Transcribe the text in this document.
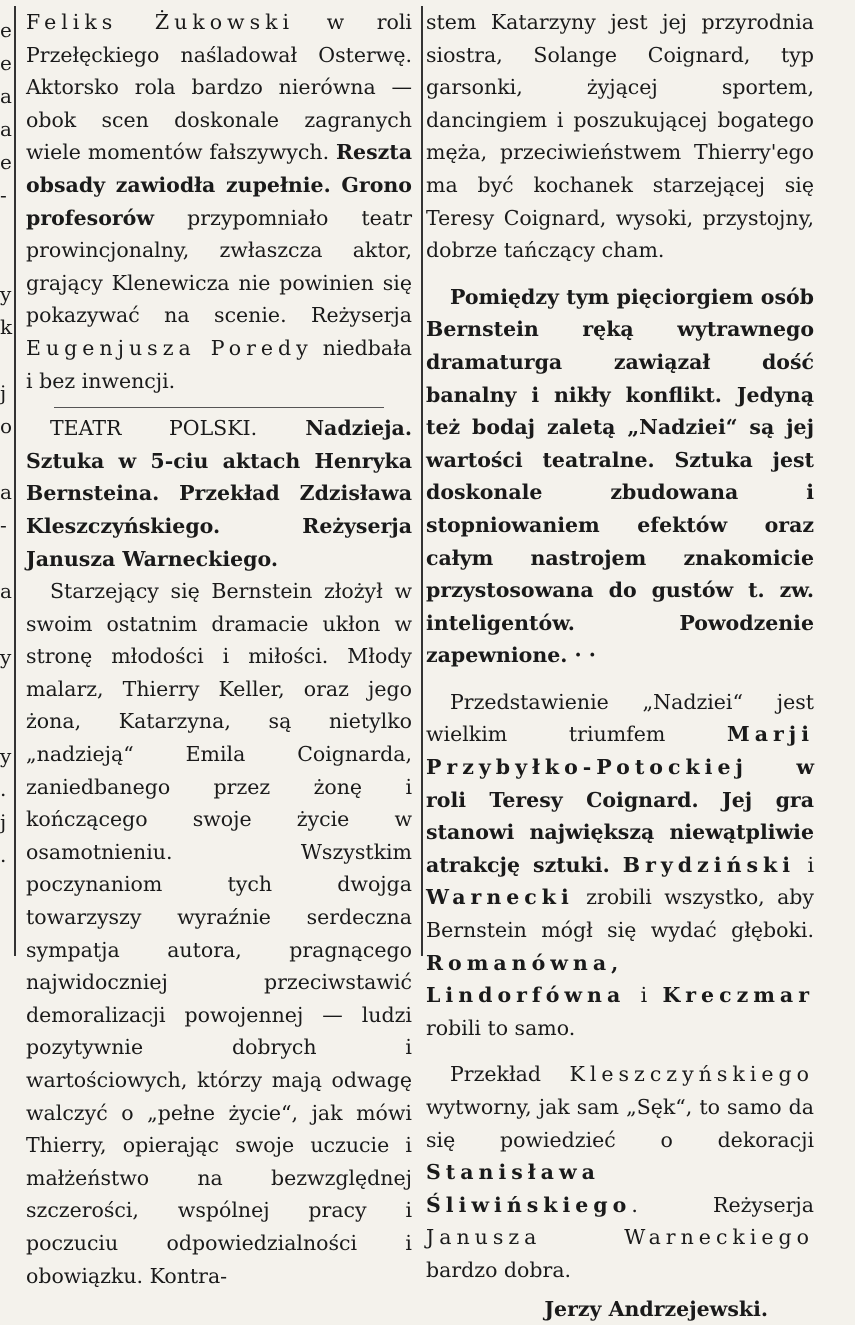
e
e
a
a
e
-

y
k

j
o

a
-

a

y

y
.
j
.

Feliks Żukowski w roli Przełęckiego naśladował Osterwę. Aktorsko rola bardzo nierówna — obok scen doskonale zagranych wiele momentów fałszywych. Reszta obsady zawiodła zupełnie. Grono profesorów przypomniało teatr prowincjonalny, zwłaszcza aktor, grający Klenewicza nie powinien się pokazywać na scenie. Reżyserja Eugenjusza Poredy niedbała i bez inwencji.

TEATR POLSKI. Nadzieja. Sztuka w 5-ciu aktach Henryka Bernsteina. Przekład Zdzisława Kleszczyńskiego. Reżyserja Janusza Warneckiego.

Starzejący się Bernstein złożył w swoim ostatnim dramacie ukłon w stronę młodości i miłości. Młody malarz, Thierry Keller, oraz jego żona, Katarzyna, są nietylko „nadzieją“ Emila Coignarda, zaniedbanego przez żonę i kończącego swoje życie w osamotnieniu. Wszystkim poczynaniom tych dwojga towarzyszy wyraźnie serdeczna sympatja autora, pragnącego najwidoczniej przeciwstawić demoralizacji powojennej — ludzi pozytywnie dobrych i wartościowych, którzy mają odwagę walczyć o „pełne życie“, jak mówi Thierry, opierając swoje uczucie i małżeństwo na bezwzględnej szczerości, wspólnej pracy i poczuciu odpowiedzialności i obowiązku. Kontra-

stem Katarzyny jest jej przyrodnia siostra, Solange Coignard, typ garsonki, żyjącej sportem, dancingiem i poszukującej bogatego męża, przeciwieństwem Thierry'ego ma być kochanek starzejącej się Teresy Coignard, wysoki, przystojny, dobrze tańczący cham.

Pomiędzy tym pięciorgiem osób Bernstein ręką wytrawnego dramaturga zawiązał dość banalny i nikły konflikt. Jedyną też bodaj zaletą „Nadziei“ są jej wartości teatralne. Sztuka jest doskonale zbudowana i stopniowaniem efektów oraz całym nastrojem znakomicie przystosowana do gustów t. zw. inteligentów. Powodzenie zapewnione. · ·

Przedstawienie „Nadziei“ jest wielkim triumfem Marji Przybyłko-Potockiej w roli Teresy Coignard. Jej gra stanowi największą niewątpliwie atrakcję sztuki. Brydziński i Warnecki zrobili wszystko, aby Bernstein mógł się wydać głęboki. Romanówna, Lindorfówna i Kreczmar robili to samo.

Przekład Kleszczyńskiego wytworny, jak sam „Sęk“, to samo da się powiedzieć o dekoracji Stanisława Śliwińskiego. Reżyserja Janusza Warneckiego bardzo dobra.

Jerzy Andrzejewski.
